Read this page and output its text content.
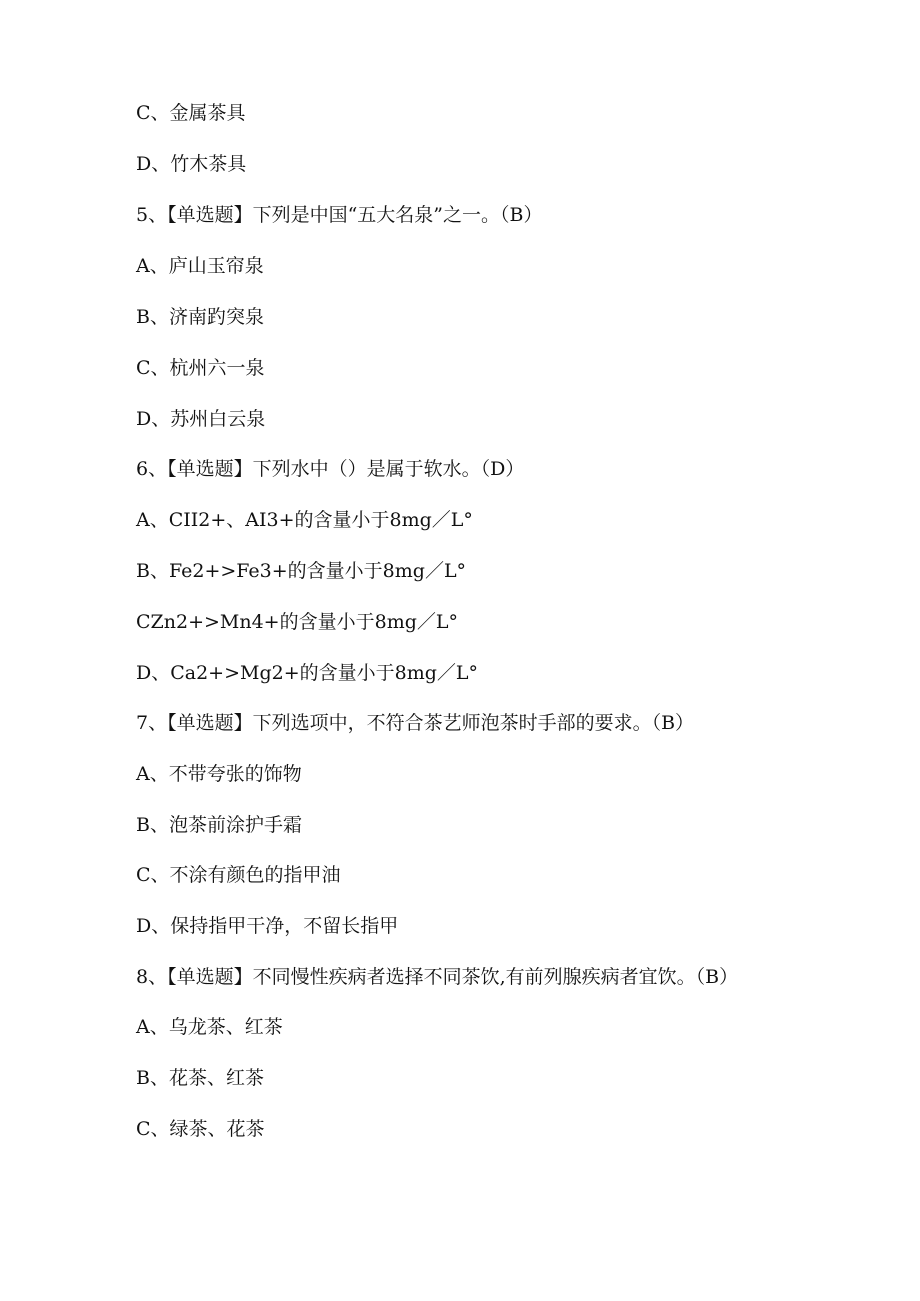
C、金属茶具
D、竹木茶具
5、【单选题】下列是中国“五大名泉”之一。（B）
A、庐山玉帘泉
B、济南趵突泉
C、杭州六一泉
D、苏州白云泉
6、【单选题】下列水中（）是属于软水。（D）
A、CII2+、AI3+的含量小于8mg／L°
B、Fe2+>Fe3+的含量小于8mg／L°
CZn2+>Mn4+的含量小于8mg／L°
D、Ca2+>Mg2+的含量小于8mg／L°
7、【单选题】下列选项中，不符合茶艺师泡茶时手部的要求。（B）
A、不带夸张的饰物
B、泡茶前涂护手霜
C、不涂有颜色的指甲油
D、保持指甲干净，不留长指甲
8、【单选题】不同慢性疾病者选择不同茶饮,有前列腺疾病者宜饮。（B）
A、乌龙茶、红茶
B、花茶、红茶
C、绿茶、花茶
